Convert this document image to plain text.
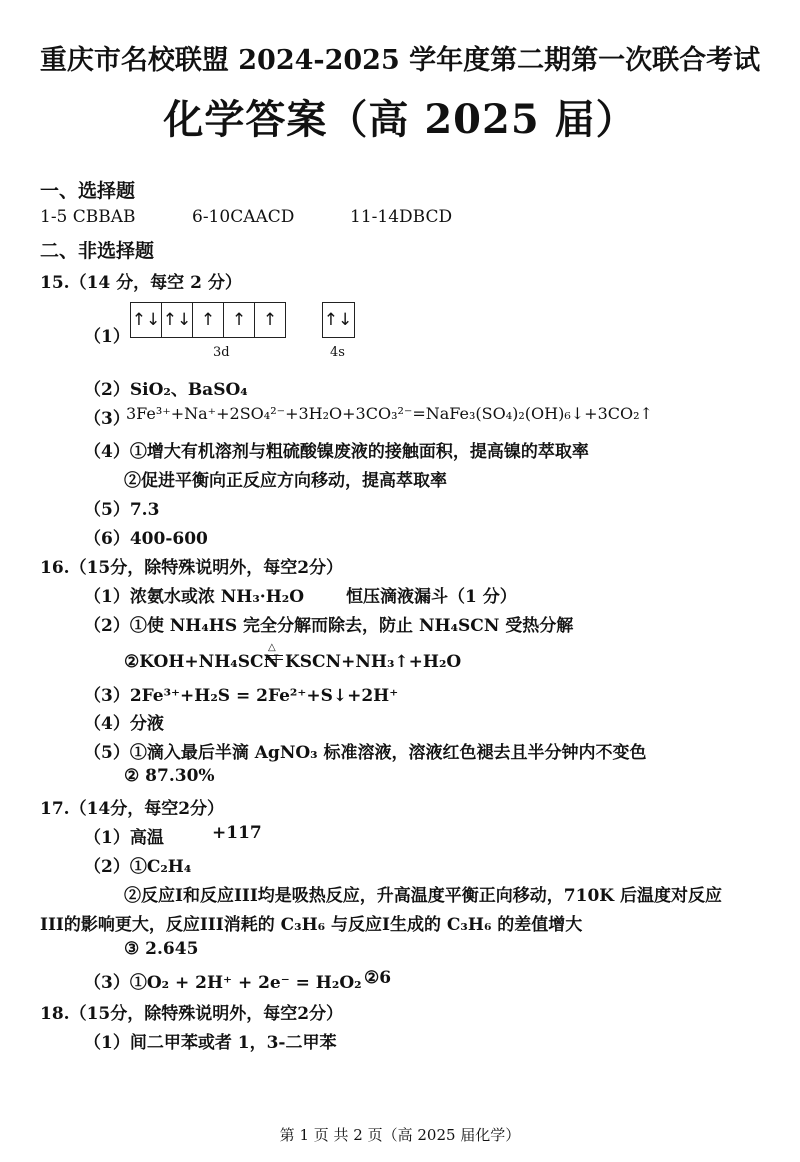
重庆市名校联盟 2024-2025 学年度第二期第一次联合考试
化学答案（高 2025 届）
一、选择题
1-5 CBBAB	6-10CAACD	11-14DBCD
二、非选择题
15.（14 分，每空 2 分）
（1）
↑↓ ↑↓ ↑ ↑ ↑	↑↓
3d	4s
（2）SiO₂、BaSO₄
（3）
3Fe³⁺+Na⁺+2SO₄²⁻+3H₂O+3CO₃²⁻=NaFe₃(SO₄)₂(OH)₆↓+3CO₂↑
（4）①增大有机溶剂与粗硫酸镍废液的接触面积，提高镍的萃取率
②促进平衡向正反应方向移动，提高萃取率
（5）7.3
（6）400-600
16.（15分，除特殊说明外，每空2分）
（1）浓氨水或浓 NH₃·H₂O 恒压滴液漏斗（1 分）
（2）①使 NH₄HS 完全分解而除去，防止 NH₄SCN 受热分解
②KOH+NH₄SCN
△
KSCN+NH₃↑+H₂O
（3）2Fe³⁺+H₂S = 2Fe²⁺+S↓+2H⁺
（4）分液
（5）①滴入最后半滴 AgNO₃ 标准溶液，溶液红色褪去且半分钟内不变色
② 87.30%
17.（14分，每空2分）
（1）高温	+117
（2）①C₂H₄
②反应I和反应III均是吸热反应，升高温度平衡正向移动，710K 后温度对反应
III的影响更大，反应III消耗的 C₃H₆ 与反应I生成的 C₃H₆ 的差值增大
③ 2.645
（3）①O₂ + 2H⁺ + 2e⁻ = H₂O₂ ②6
18.（15分，除特殊说明外，每空2分）
（1）间二甲苯或者 1，3-二甲苯
第 1 页 共 2 页（高 2025 届化学）
